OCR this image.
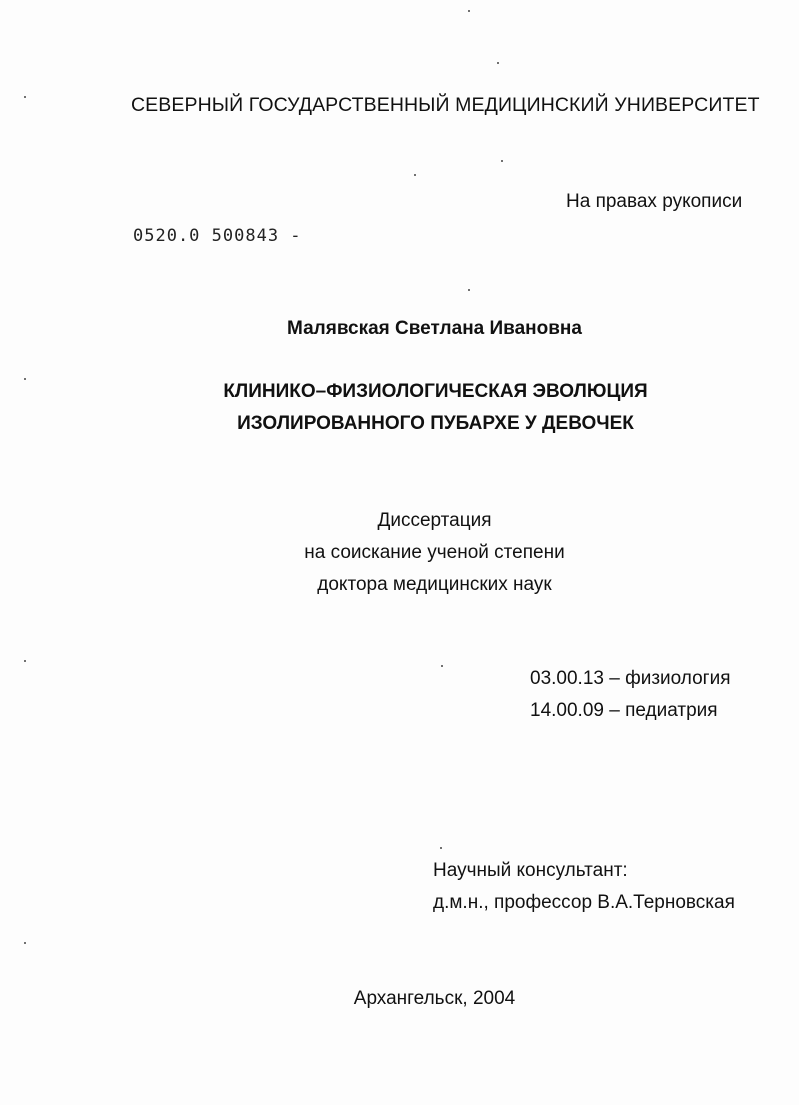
СЕВЕРНЫЙ ГОСУДАРСТВЕННЫЙ МЕДИЦИНСКИЙ УНИВЕРСИТЕТ
На правах рукописи
0520.0 500843 -
Малявская Светлана Ивановна
КЛИНИКО–ФИЗИОЛОГИЧЕСКАЯ ЭВОЛЮЦИЯ
ИЗОЛИРОВАННОГО ПУБАРХЕ У ДЕВОЧЕК
Диссертация
на соискание ученой степени
доктора медицинских наук
03.00.13 – физиология
14.00.09 – педиатрия
Научный консультант:
д.м.н., профессор В.А.Терновская
Архангельск, 2004
